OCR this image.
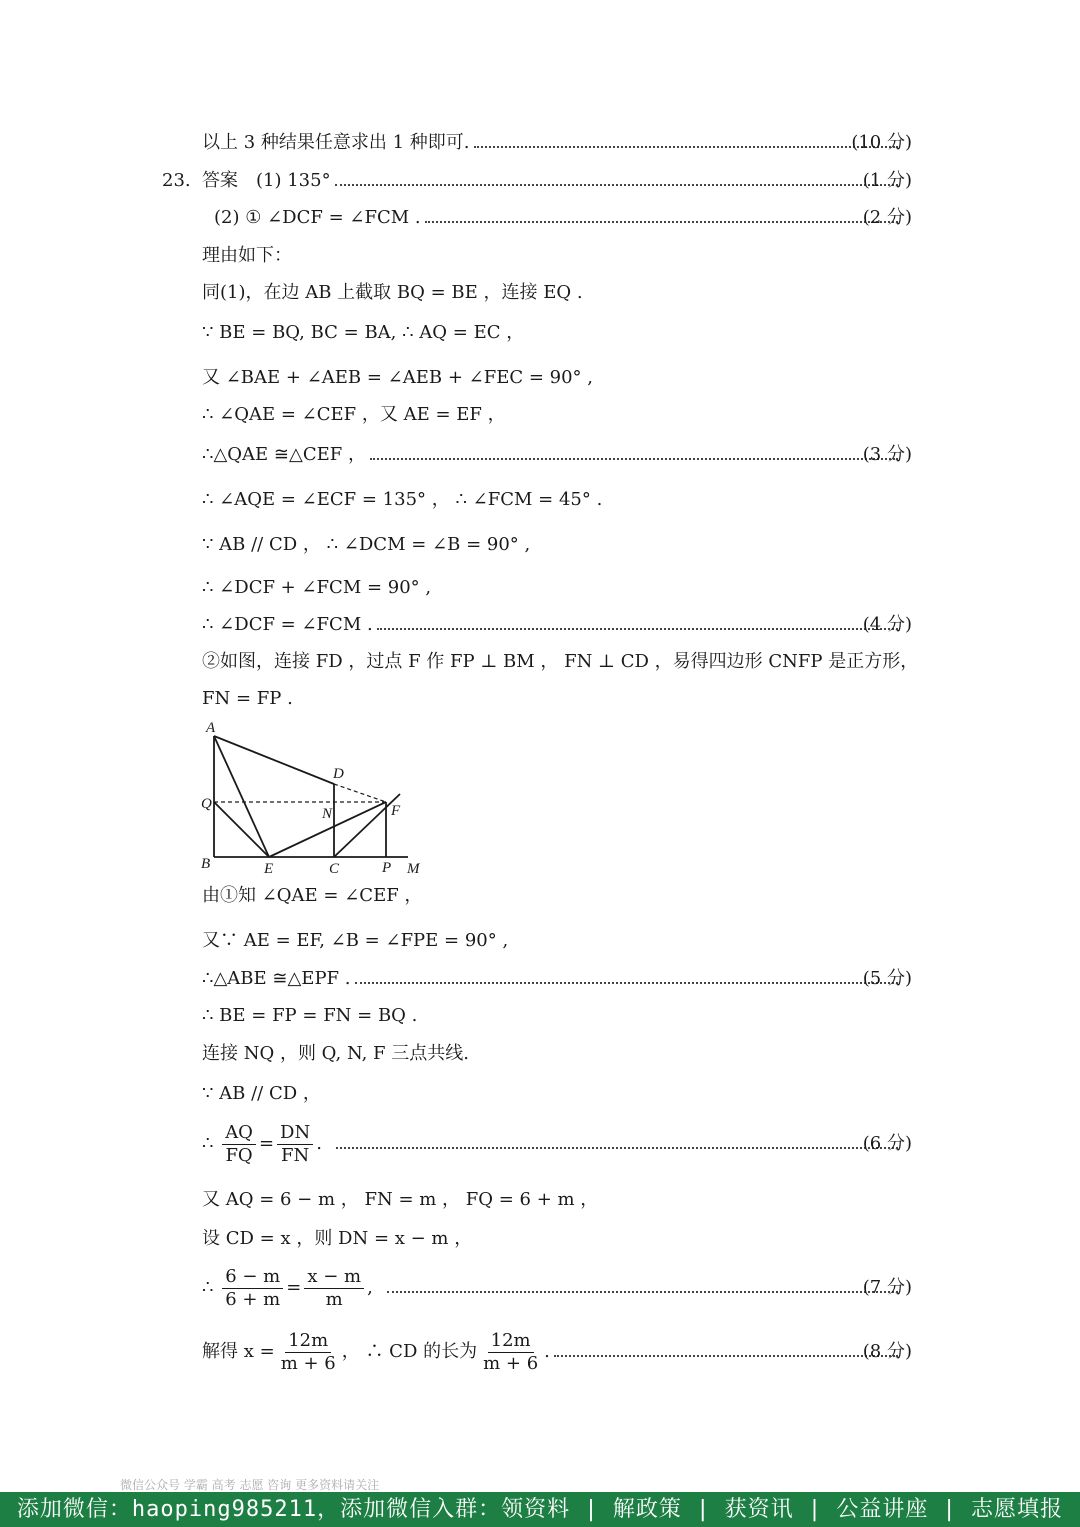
以上 3 种结果任意求出 1 种即可.	(10 分)
23. 答案　(1) 135°	(1 分)
(2) ① ∠DCF = ∠FCM .	(2 分)
理由如下：
同(1)，在边 AB 上截取 BQ = BE ，连接 EQ .
∵ BE = BQ, BC = BA, ∴ AQ = EC ，
又 ∠BAE + ∠AEB = ∠AEB + ∠FEC = 90° ,
∴ ∠QAE = ∠CEF ，又 AE = EF ，
∴△QAE ≅△CEF ，	(3 分)
∴ ∠AQE = ∠ECF = 135° ， ∴ ∠FCM = 45° .
∵ AB // CD ， ∴ ∠DCM = ∠B = 90° ,
∴ ∠DCF + ∠FCM = 90° ,
∴ ∠DCF = ∠FCM .	(4 分)
②如图，连接 FD ，过点 F 作 FP ⊥ BM ， FN ⊥ CD ，易得四边形 CNFP 是正方形，
FN = FP .
A
D
Q
N	F
B	E	C	P M
由①知 ∠QAE = ∠CEF ，
又∵ AE = EF, ∠B = ∠FPE = 90° ,
∴△ABE ≅△EPF .	(5 分)
∴ BE = FP = FN = BQ .
连接 NQ ，则 Q, N, F 三点共线.
∵ AB // CD ，
∴ $\frac{AQ}{FQ} = \frac{DN}{FN}$ .	(6 分)
又 AQ = 6 − m ， FN = m ， FQ = 6 + m ，
设 CD = x ，则 DN = x − m ，
∴ $\frac{6 - m}{6 + m} = \frac{x - m}{m}$ ,	(7 分)
解得 $x = \frac{12m}{m + 6}$ ， ∴ CD 的长为 $\frac{12m}{m + 6}$ .	(8 分)
微信公众号 学霸 高考 志愿 咨询 更多资料请关注
添加微信：haoping985211，添加微信入群：领资料 | 解政策 | 获资讯 | 公益讲座 | 志愿填报
